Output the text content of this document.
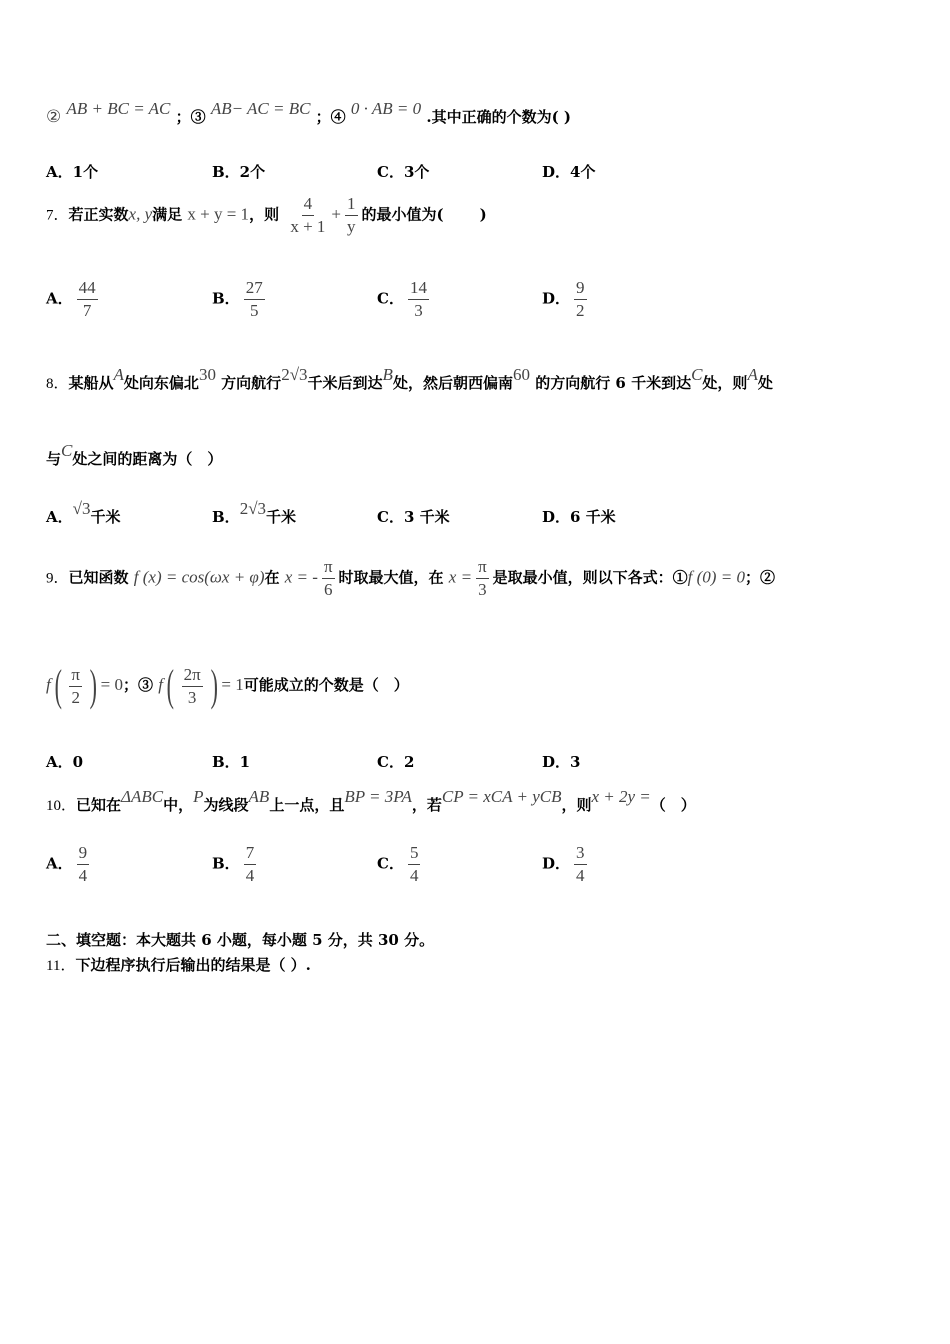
② AB + BC = AC ；③ AB− AC = BC ；④ 0 · AB = 0 .其中正确的个数为( )
A．1个	B．2个	C．3个	D．4个
7．若正实数x, y满足 x + y = 1，则 $\frac{4}{x + 1} + \frac{1}{y}$ 的最小值为( )
A． $\frac{44}{7}$	B． $\frac{27}{5}$	C． $\frac{14}{3}$	D． $\frac{9}{2}$
8．某船从A处向东偏北30 方向航行2√3千米后到达B处，然后朝西偏南60 的方向航行 6 千米到达C处，则A处
与C处之间的距离为（　）
A．√3千米	B．2√3千米	C．3 千米	D．6 千米
9．已知函数 f (x) = cos(ωx + φ)在 x = - $\frac{\pi}{6}$ 时取最大值，在 $x = \frac{\pi}{3}$ 是取最小值，则以下各式：①f (0) = 0；②
$f( \frac{\pi}{2}$ ) = 0；③ $f( \frac{2\pi}{3}$ ) = 1可能成立的个数是（　）
A．0	B．1	C．2	D．3
10．已知在ΔABC中，P为线段AB上一点，且BP = 3PA，若CP = xCA + yCB，则x + 2y =（　）
A． $\frac{9}{4}$	B． $\frac{7}{4}$	C． $\frac{5}{4}$	D． $\frac{3}{4}$
二、填空题：本大题共 6 小题，每小题 5 分，共 30 分。
11．下边程序执行后输出的结果是（ ）.
